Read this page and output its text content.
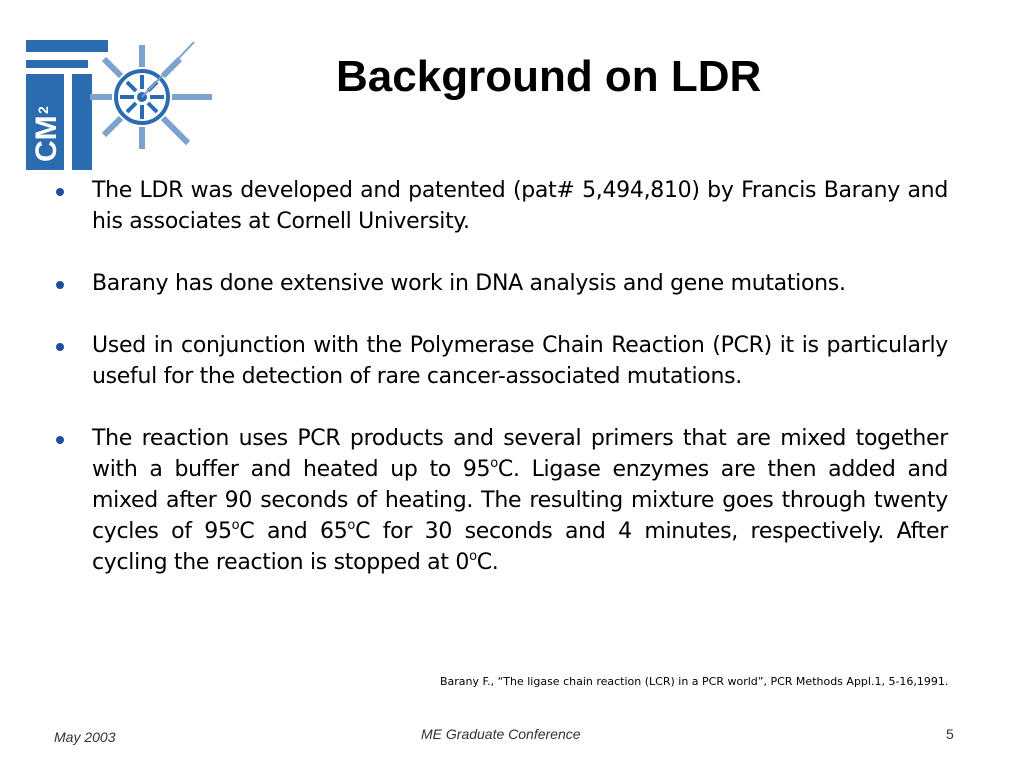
CM
2
Background on LDR
The LDR was developed and patented (pat# 5,494,810) by Francis Barany and his associates at Cornell University.
Barany has done extensive work in DNA analysis and gene mutations.
Used in conjunction with the Polymerase Chain Reaction (PCR) it is particularly useful for the detection of rare cancer-associated mutations.
The reaction uses PCR products and several primers that are mixed together with a buffer and heated up to 95$^o$C. Ligase enzymes are then added and mixed after 90 seconds of heating. The resulting mixture goes through twenty cycles of 95$^o$C and 65$^o$C for 30 seconds and 4 minutes, respectively. After cycling the reaction is stopped at 0$^o$C.
Barany F., “The ligase chain reaction (LCR) in a PCR world”, PCR Methods Appl.1, 5-16,1991.
May 2003	ME Graduate Conference	5
